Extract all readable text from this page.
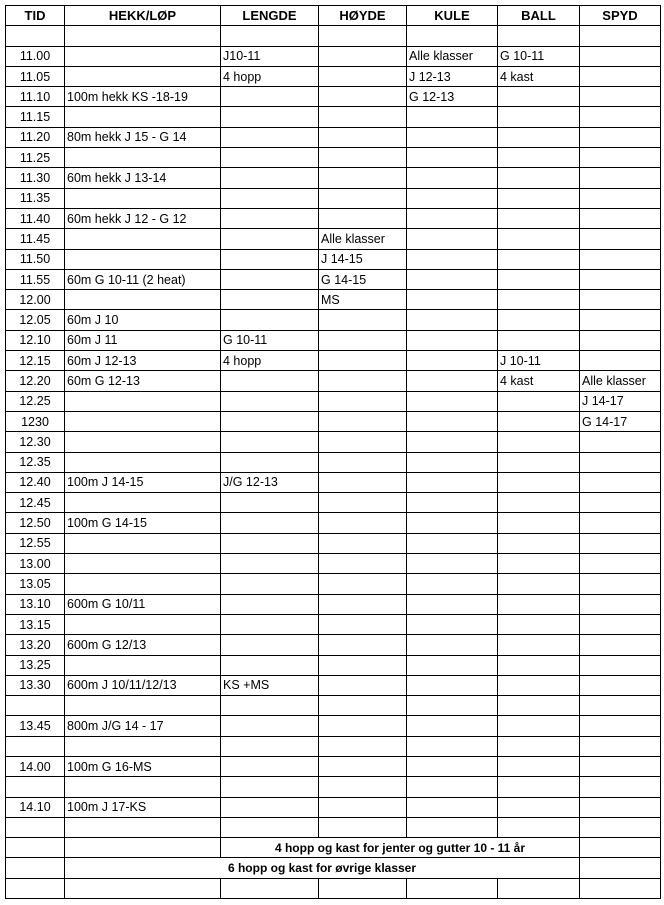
TID	HEKK/LØP	LENGDE	HØYDE	KULE	BALL	SPYD

11.00		J10-11		Alle klasser	G 10-11	
11.05		4 hopp		J 12-13	4 kast	
11.10	100m hekk KS -18-19			G 12-13		
11.15						
11.20	80m hekk J 15 - G 14					
11.25						
11.30	60m hekk J 13-14					
11.35						
11.40	60m hekk J 12 - G 12					
11.45			Alle klasser			
11.50			J 14-15			
11.55	60m G 10-11 (2 heat)		G 14-15			
12.00			MS			
12.05	60m J 10					
12.10	60m J 11	G 10-11				
12.15	60m J 12-13	4 hopp			J 10-11	
12.20	60m G 12-13				4 kast	Alle klasser
12.25						J 14-17
1230						G 14-17
12.30						
12.35						
12.40	100m J 14-15	J/G 12-13				
12.45						
12.50	100m G 14-15					
12.55						
13.00						
13.05						
13.10	600m G 10/11					
13.15						
13.20	600m G 12/13					
13.25						
13.30	600m J 10/11/12/13	KS +MS				

13.45	800m J/G 14 - 17					

14.00	100m G 16-MS					

14.10	100m J 17-KS					

		4 hopp og kast for jenter og gutter 10 - 11 år				
	6 hopp og kast for øvrige klasser					
